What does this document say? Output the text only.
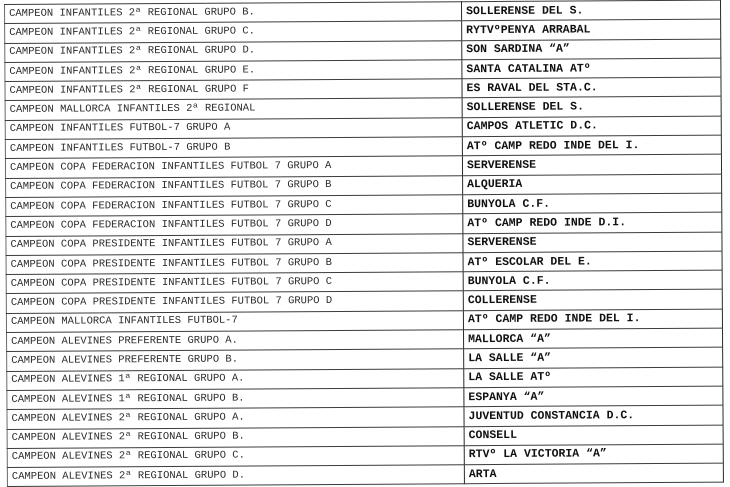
CAMPEON INFANTILES 2ª REGIONAL GRUPO B.	SOLLERENSE DEL S.
CAMPEON INFANTILES 2ª REGIONAL GRUPO C.	RYTVºPENYA ARRABAL
CAMPEON INFANTILES 2ª REGIONAL GRUPO D.	SON SARDINA “A”
CAMPEON INFANTILES 2ª REGIONAL GRUPO E.	SANTA CATALINA ATº
CAMPEON INFANTILES 2ª REGIONAL GRUPO F	ES RAVAL DEL STA.C.
CAMPEON MALLORCA INFANTILES 2ª REGIONAL	SOLLERENSE DEL S.
CAMPEON INFANTILES FUTBOL-7 GRUPO A	CAMPOS ATLETIC D.C.
CAMPEON INFANTILES FUTBOL-7 GRUPO B	ATº CAMP REDO INDE DEL I.
CAMPEON COPA FEDERACION INFANTILES FUTBOL 7 GRUPO A	SERVERENSE
CAMPEON COPA FEDERACION INFANTILES FUTBOL 7 GRUPO B	ALQUERIA
CAMPEON COPA FEDERACION INFANTILES FUTBOL 7 GRUPO C	BUNYOLA C.F.
CAMPEON COPA FEDERACION INFANTILES FUTBOL 7 GRUPO D	ATº CAMP REDO INDE D.I.
CAMPEON COPA PRESIDENTE INFANTILES FUTBOL 7 GRUPO A	SERVERENSE
CAMPEON COPA PRESIDENTE INFANTILES FUTBOL 7 GRUPO B	ATº ESCOLAR DEL E.
CAMPEON COPA PRESIDENTE INFANTILES FUTBOL 7 GRUPO C	BUNYOLA C.F.
CAMPEON COPA PRESIDENTE INFANTILES FUTBOL 7 GRUPO D	COLLERENSE
CAMPEON MALLORCA INFANTILES FUTBOL-7	ATº CAMP REDO INDE DEL I.
CAMPEON ALEVINES PREFERENTE GRUPO A.	MALLORCA “A”
CAMPEON ALEVINES PREFERENTE GRUPO B.	LA SALLE “A”
CAMPEON ALEVINES 1ª REGIONAL GRUPO A.	LA SALLE ATº
CAMPEON ALEVINES 1ª REGIONAL GRUPO B.	ESPANYA “A”
CAMPEON ALEVINES 2ª REGIONAL GRUPO A.	JUVENTUD CONSTANCIA D.C.
CAMPEON ALEVINES 2ª REGIONAL GRUPO B.	CONSELL
CAMPEON ALEVINES 2ª REGIONAL GRUPO C.	RTVº LA VICTORIA “A”
CAMPEON ALEVINES 2ª REGIONAL GRUPO D.	ARTA
